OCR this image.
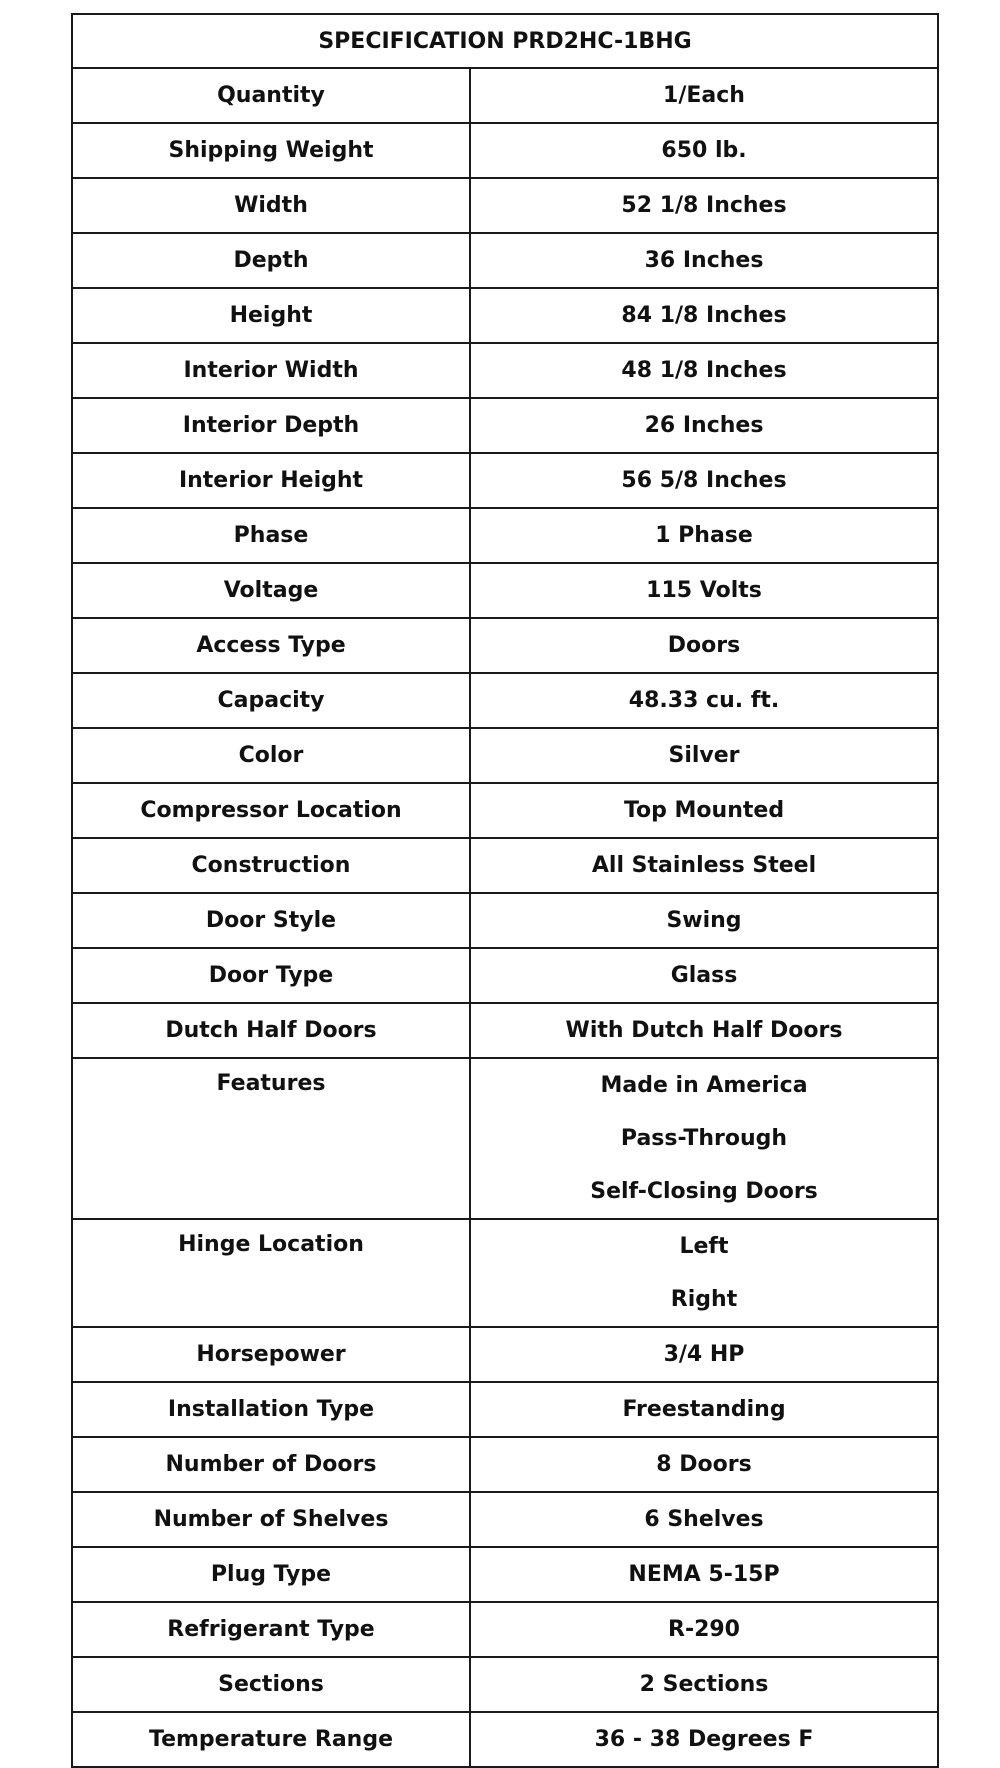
SPECIFICATION PRD2HC-1BHG	
Quantity	1/Each

Shipping Weight	650 lb.

Width	52 1/8 Inches

Depth	36 Inches

Height	84 1/8 Inches

Interior Width	48 1/8 Inches

Interior Depth	26 Inches

Interior Height	56 5/8 Inches

Phase	1 Phase

Voltage	115 Volts

Access Type	Doors

Capacity	48.33 cu. ft.

Color	Silver

Compressor Location	Top Mounted

Construction	All Stainless Steel

Door Style	Swing

Door Type	Glass

Dutch Half Doors	With Dutch Half Doors

Features	Made in America
Pass-Through
Self-Closing Doors

Hinge Location	Left
Right

Horsepower	3/4 HP

Installation Type	Freestanding

Number of Doors	8 Doors

Number of Shelves	6 Shelves

Plug Type	NEMA 5-15P

Refrigerant Type	R-290

Sections	2 Sections

Temperature Range	36 - 38 Degrees F
